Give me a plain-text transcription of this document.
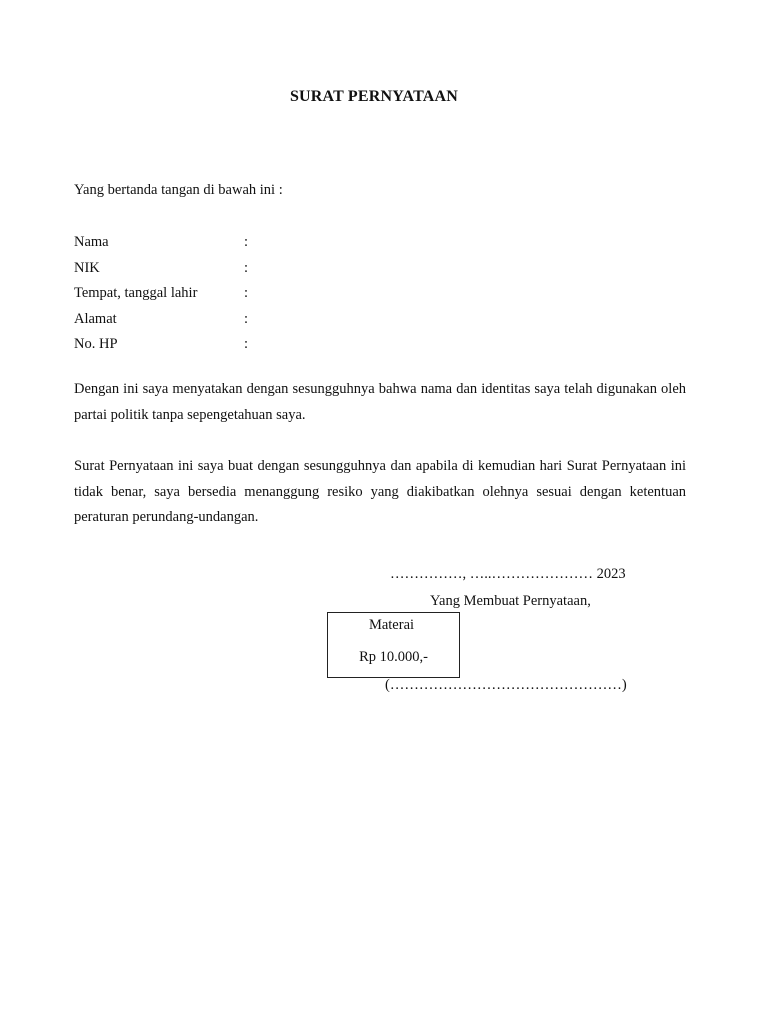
SURAT PERNYATAAN
Yang bertanda tangan di bawah ini :
Nama	:
NIK	:
Tempat, tanggal lahir	:
Alamat	:
No. HP	:
Dengan ini saya menyatakan dengan sesungguhnya bahwa nama dan identitas saya telah digunakan oleh partai politik tanpa sepengetahuan saya.
Surat Pernyataan ini saya buat dengan sesungguhnya dan apabila di kemudian hari Surat Pernyataan ini tidak benar, saya bersedia menanggung resiko yang diakibatkan olehnya sesuai dengan ketentuan peraturan perundang-undangan.
……………, …..………………… 2023
Yang Membuat Pernyataan,
Materai
Rp 10.000,-
(…………………………………………)
